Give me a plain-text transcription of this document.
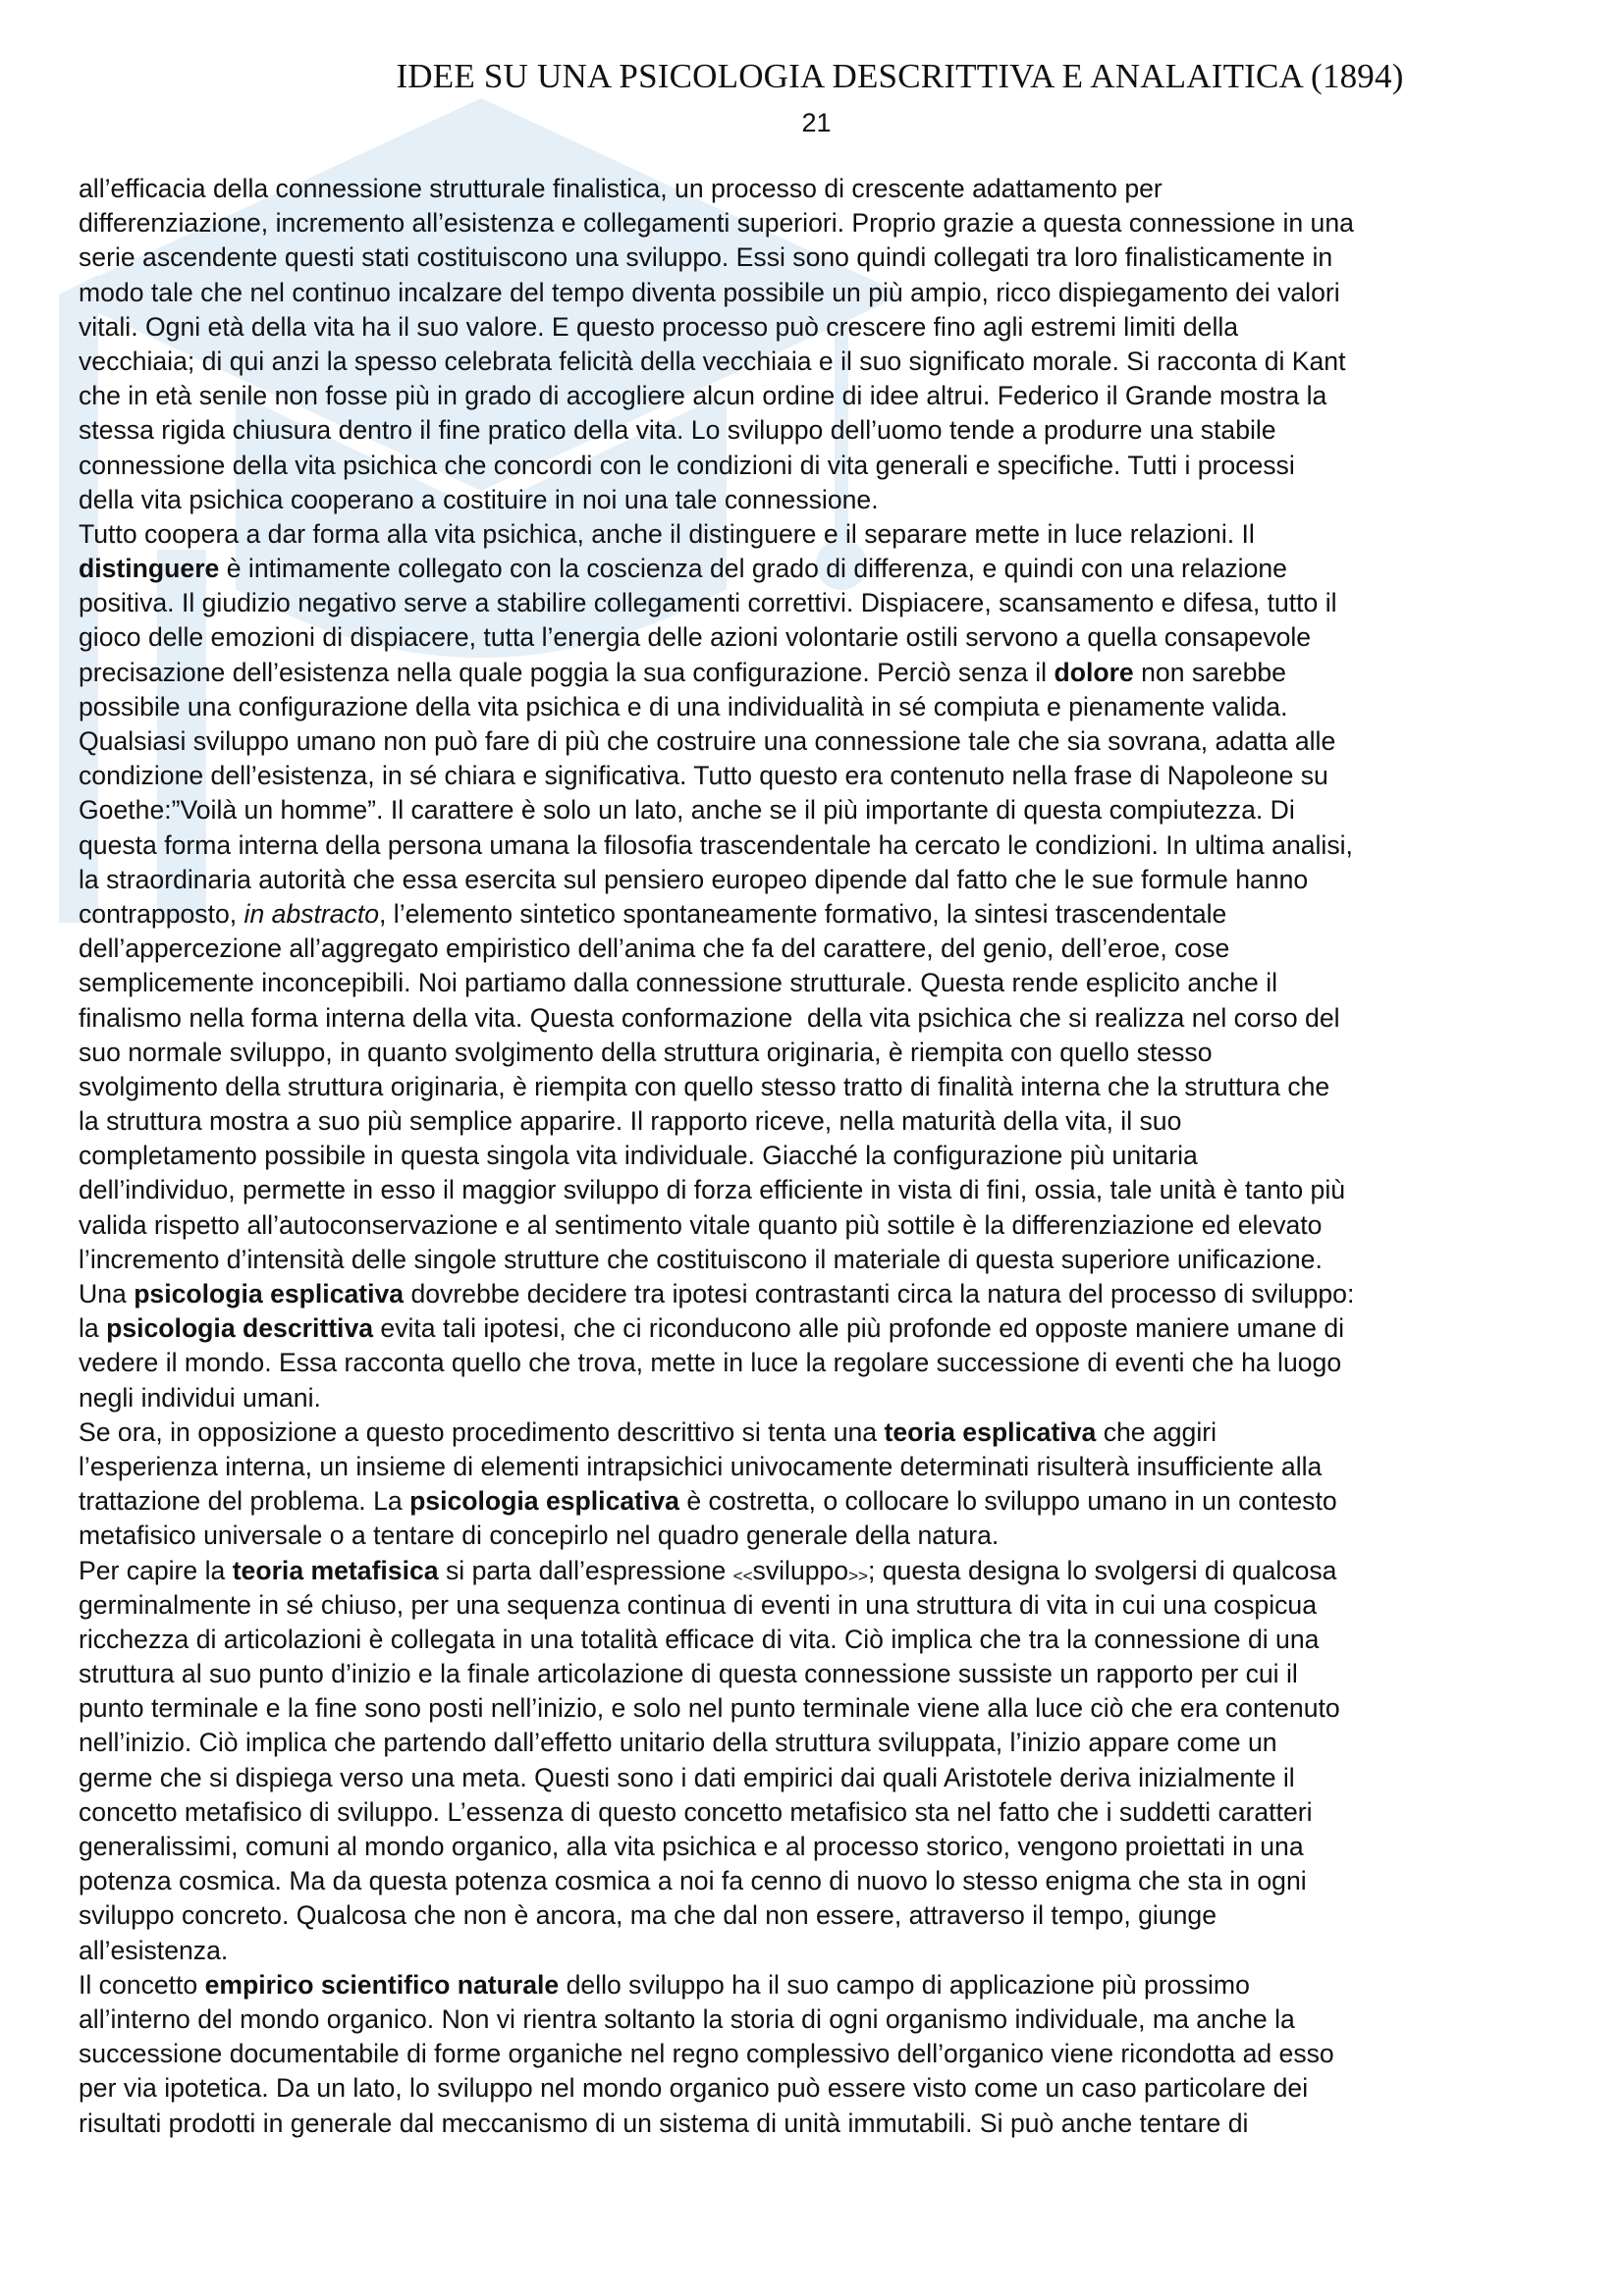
IDEE SU UNA PSICOLOGIA DESCRITTIVA E ANALAITICA (1894)
21
all’efficacia della connessione strutturale finalistica, un processo di crescente adattamento per
differenziazione, incremento all’esistenza e collegamenti superiori. Proprio grazie a questa connessione in una
serie ascendente questi stati costituiscono una sviluppo. Essi sono quindi collegati tra loro finalisticamente in
modo tale che nel continuo incalzare del tempo diventa possibile un più ampio, ricco dispiegamento dei valori
vitali. Ogni età della vita ha il suo valore. E questo processo può crescere fino agli estremi limiti della
vecchiaia; di qui anzi la spesso celebrata felicità della vecchiaia e il suo significato morale. Si racconta di Kant
che in età senile non fosse più in grado di accogliere alcun ordine di idee altrui. Federico il Grande mostra la
stessa rigida chiusura dentro il fine pratico della vita. Lo sviluppo dell’uomo tende a produrre una stabile
connessione della vita psichica che concordi con le condizioni di vita generali e specifiche. Tutti i processi
della vita psichica cooperano a costituire in noi una tale connessione.
Tutto coopera a dar forma alla vita psichica, anche il distinguere e il separare mette in luce relazioni. Il
distinguere è intimamente collegato con la coscienza del grado di differenza, e quindi con una relazione
positiva. Il giudizio negativo serve a stabilire collegamenti correttivi. Dispiacere, scansamento e difesa, tutto il
gioco delle emozioni di dispiacere, tutta l’energia delle azioni volontarie ostili servono a quella consapevole
precisazione dell’esistenza nella quale poggia la sua configurazione. Perciò senza il dolore non sarebbe
possibile una configurazione della vita psichica e di una individualità in sé compiuta e pienamente valida.
Qualsiasi sviluppo umano non può fare di più che costruire una connessione tale che sia sovrana, adatta alle
condizione dell’esistenza, in sé chiara e significativa. Tutto questo era contenuto nella frase di Napoleone su
Goethe:”Voilà un homme”. Il carattere è solo un lato, anche se il più importante di questa compiutezza. Di
questa forma interna della persona umana la filosofia trascendentale ha cercato le condizioni. In ultima analisi,
la straordinaria autorità che essa esercita sul pensiero europeo dipende dal fatto che le sue formule hanno
contrapposto, in abstracto, l’elemento sintetico spontaneamente formativo, la sintesi trascendentale
dell’appercezione all’aggregato empiristico dell’anima che fa del carattere, del genio, dell’eroe, cose
semplicemente inconcepibili. Noi partiamo dalla connessione strutturale. Questa rende esplicito anche il
finalismo nella forma interna della vita. Questa conformazione  della vita psichica che si realizza nel corso del
suo normale sviluppo, in quanto svolgimento della struttura originaria, è riempita con quello stesso
svolgimento della struttura originaria, è riempita con quello stesso tratto di finalità interna che la struttura che
la struttura mostra a suo più semplice apparire. Il rapporto riceve, nella maturità della vita, il suo
completamento possibile in questa singola vita individuale. Giacché la configurazione più unitaria
dell’individuo, permette in esso il maggior sviluppo di forza efficiente in vista di fini, ossia, tale unità è tanto più
valida rispetto all’autoconservazione e al sentimento vitale quanto più sottile è la differenziazione ed elevato
l’incremento d’intensità delle singole strutture che costituiscono il materiale di questa superiore unificazione.
Una psicologia esplicativa dovrebbe decidere tra ipotesi contrastanti circa la natura del processo di sviluppo:
la psicologia descrittiva evita tali ipotesi, che ci riconducono alle più profonde ed opposte maniere umane di
vedere il mondo. Essa racconta quello che trova, mette in luce la regolare successione di eventi che ha luogo
negli individui umani.
Se ora, in opposizione a questo procedimento descrittivo si tenta una teoria esplicativa che aggiri
l’esperienza interna, un insieme di elementi intrapsichici univocamente determinati risulterà insufficiente alla
trattazione del problema. La psicologia esplicativa è costretta, o collocare lo sviluppo umano in un contesto
metafisico universale o a tentare di concepirlo nel quadro generale della natura.
Per capire la teoria metafisica si parta dall’espressione <<sviluppo>>; questa designa lo svolgersi di qualcosa
germinalmente in sé chiuso, per una sequenza continua di eventi in una struttura di vita in cui una cospicua
ricchezza di articolazioni è collegata in una totalità efficace di vita. Ciò implica che tra la connessione di una
struttura al suo punto d’inizio e la finale articolazione di questa connessione sussiste un rapporto per cui il
punto terminale e la fine sono posti nell’inizio, e solo nel punto terminale viene alla luce ciò che era contenuto
nell’inizio. Ciò implica che partendo dall’effetto unitario della struttura sviluppata, l’inizio appare come un
germe che si dispiega verso una meta. Questi sono i dati empirici dai quali Aristotele deriva inizialmente il
concetto metafisico di sviluppo. L’essenza di questo concetto metafisico sta nel fatto che i suddetti caratteri
generalissimi, comuni al mondo organico, alla vita psichica e al processo storico, vengono proiettati in una
potenza cosmica. Ma da questa potenza cosmica a noi fa cenno di nuovo lo stesso enigma che sta in ogni
sviluppo concreto. Qualcosa che non è ancora, ma che dal non essere, attraverso il tempo, giunge
all’esistenza.
Il concetto empirico scientifico naturale dello sviluppo ha il suo campo di applicazione più prossimo
all’interno del mondo organico. Non vi rientra soltanto la storia di ogni organismo individuale, ma anche la
successione documentabile di forme organiche nel regno complessivo dell’organico viene ricondotta ad esso
per via ipotetica. Da un lato, lo sviluppo nel mondo organico può essere visto come un caso particolare dei
risultati prodotti in generale dal meccanismo di un sistema di unità immutabili. Si può anche tentare di
